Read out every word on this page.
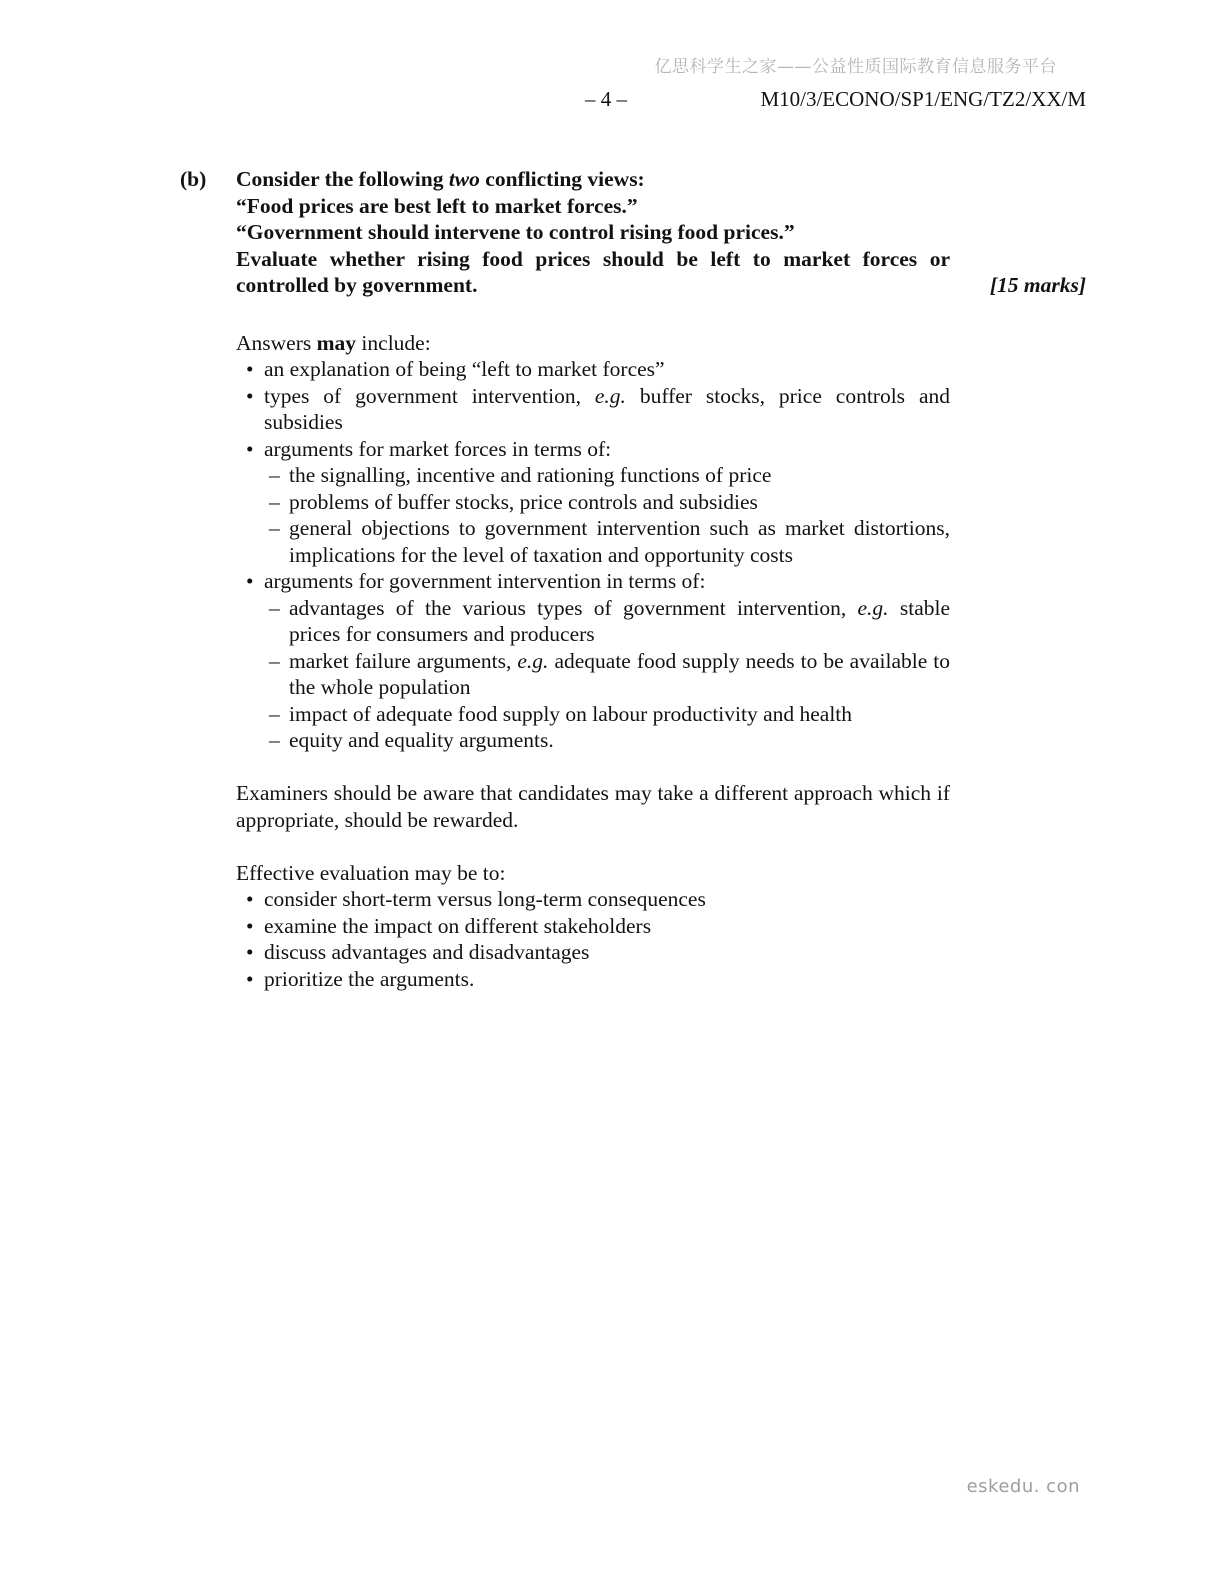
亿思科学生之家——公益性质国际教育信息服务平台
– 4 –	M10/3/ECONO/SP1/ENG/TZ2/XX/M
(b) Consider the following two conflicting views:
“Food prices are best left to market forces.”
“Government should intervene to control rising food prices.”
Evaluate whether rising food prices should be left to market forces or controlled by government.	[15 marks]

Answers may include:

• an explanation of being “left to market forces”
• types of government intervention, e.g. buffer stocks, price controls and subsidies
• arguments for market forces in terms of:
– the signalling, incentive and rationing functions of price
– problems of buffer stocks, price controls and subsidies
– general objections to government intervention such as market distortions, implications for the level of taxation and opportunity costs
• arguments for government intervention in terms of:
– advantages of the various types of government intervention, e.g. stable prices for consumers and producers
– market failure arguments, e.g. adequate food supply needs to be available to the whole population
– impact of adequate food supply on labour productivity and health
– equity and equality arguments.

Examiners should be aware that candidates may take a different approach which if appropriate, should be rewarded.

Effective evaluation may be to:

• consider short-term versus long-term consequences
• examine the impact on different stakeholders
• discuss advantages and disadvantages
• prioritize the arguments.
eskedu. con
